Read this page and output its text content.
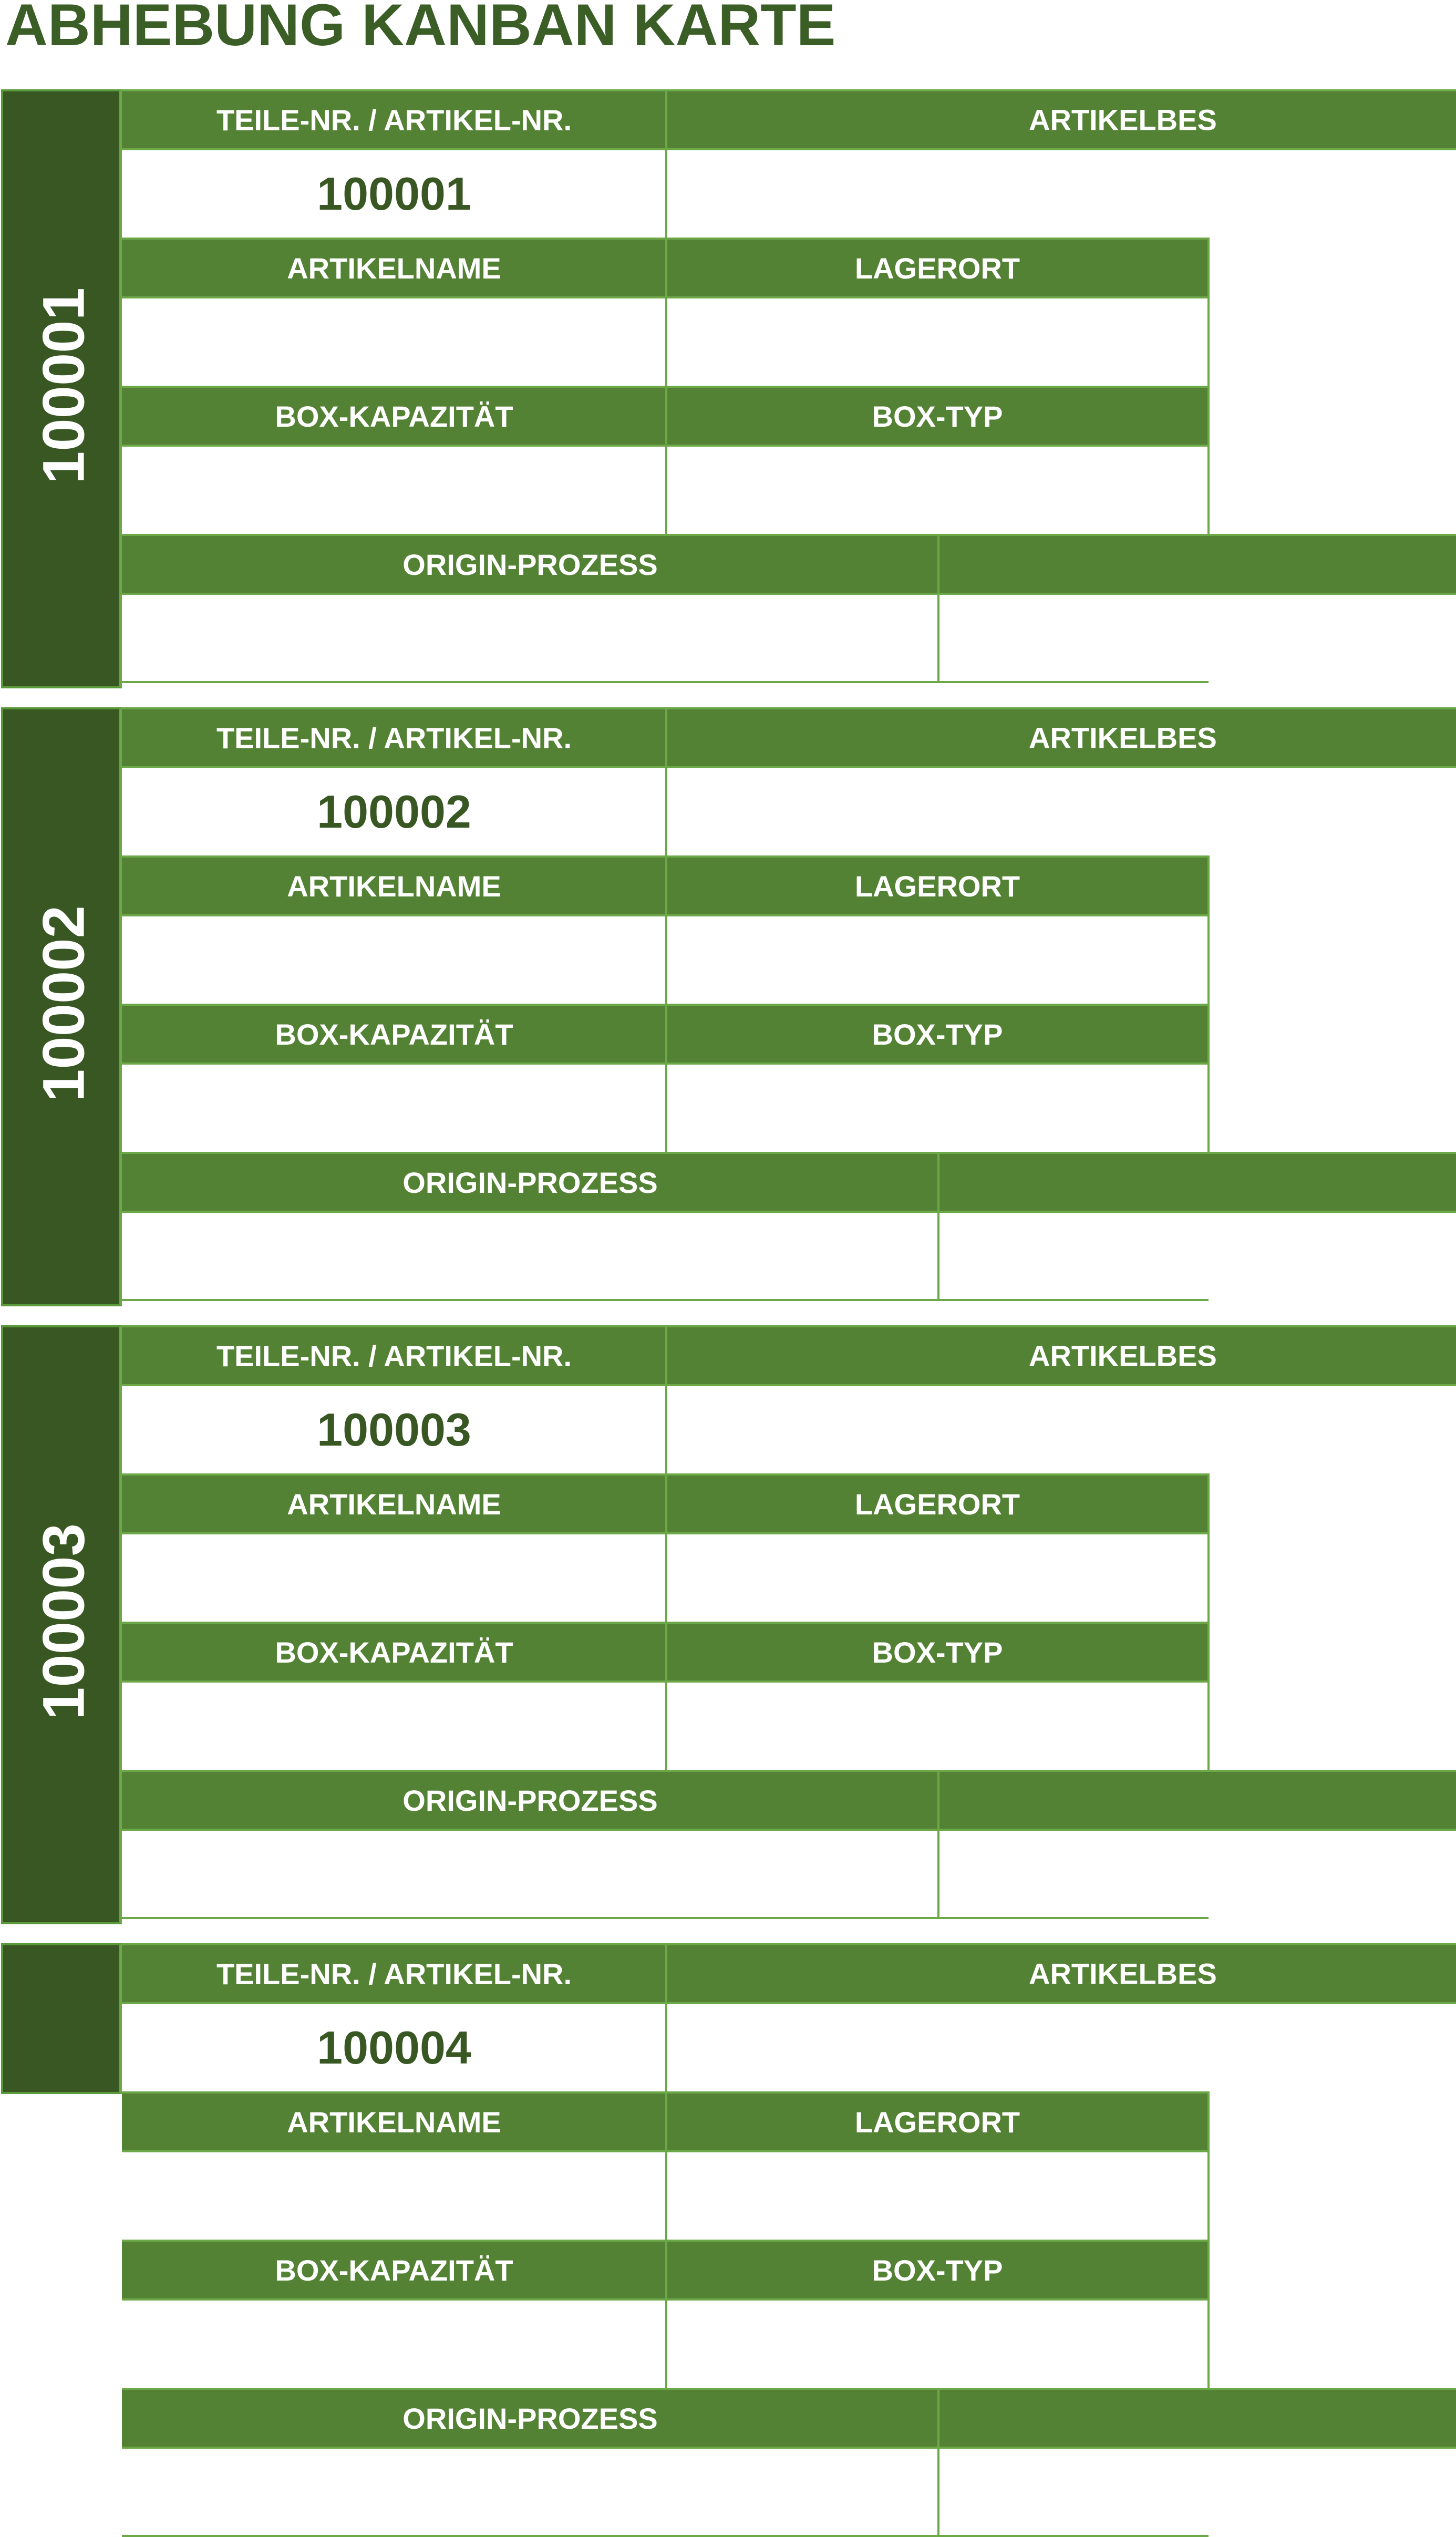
ABHEBUNG KANBAN KARTE
100001
TEILE-NR. / ARTIKEL-NR.	ARTIKELBES
100001
ARTIKELNAME	LAGERORT
BOX-KAPAZITÄT	BOX-TYP
ORIGIN-PROZESS
100002
TEILE-NR. / ARTIKEL-NR.	ARTIKELBES
100002
ARTIKELNAME	LAGERORT
BOX-KAPAZITÄT	BOX-TYP
ORIGIN-PROZESS
100003
TEILE-NR. / ARTIKEL-NR.	ARTIKELBES
100003
ARTIKELNAME	LAGERORT
BOX-KAPAZITÄT	BOX-TYP
ORIGIN-PROZESS
100004
TEILE-NR. / ARTIKEL-NR.	ARTIKELBES
100004
ARTIKELNAME	LAGERORT
BOX-KAPAZITÄT	BOX-TYP
ORIGIN-PROZESS
